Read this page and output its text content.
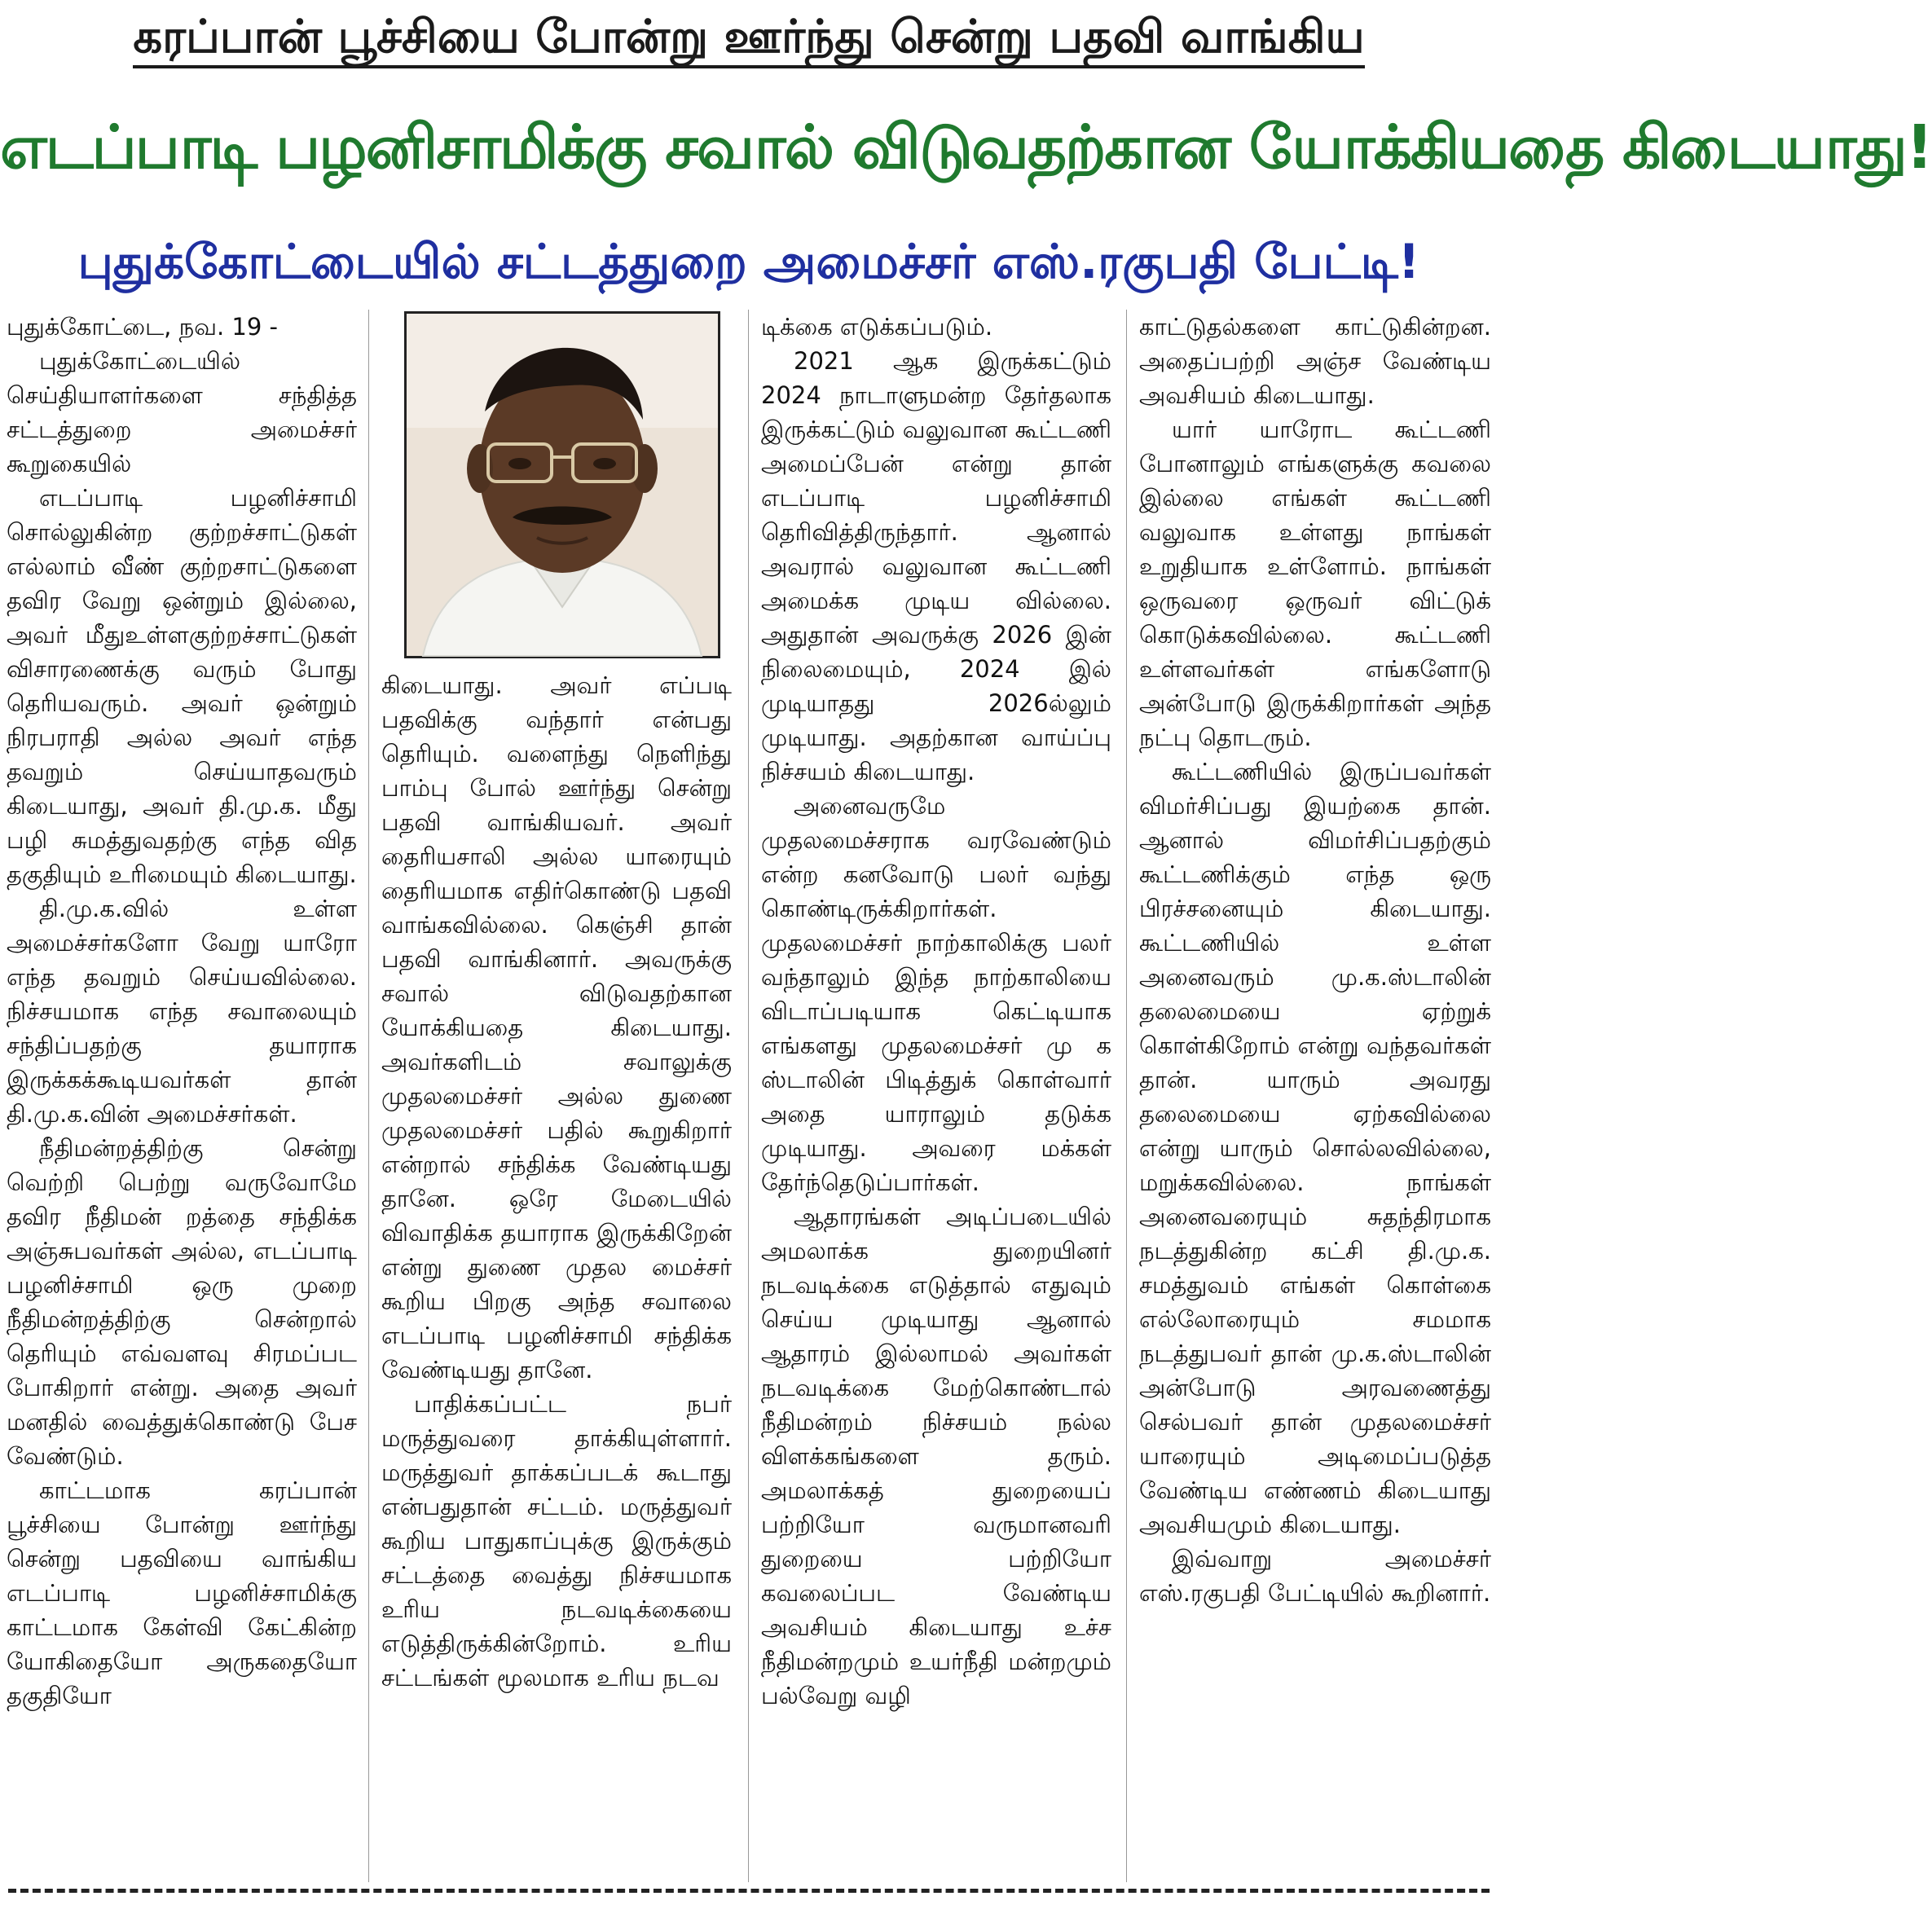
கரப்பான் பூச்சியை போன்று ஊர்ந்து சென்று பதவி வாங்கிய
எடப்பாடி பழனிசாமிக்கு சவால் விடுவதற்கான யோக்கியதை கிடையாது!
புதுக்கோட்டையில் சட்டத்துறை அமைச்சர் எஸ்.ரகுபதி பேட்டி!

புதுக்கோட்டை, நவ. 19 -

புதுக்கோட்டையில் செய்தியாளர்களை சந்தித்த சட்டத்துறை அமைச்சர் கூறுகையில்

எடப்பாடி பழனிச்சாமி சொல்லுகின்ற குற்றச்சாட்டுகள் எல்லாம் வீண் குற்றசாட்டுகளை தவிர வேறு ஒன்றும் இல்லை, அவர் மீதுஉள்ளகுற்றச்சாட்டுகள் விசாரணைக்கு வரும் போது தெரியவரும். அவர் ஒன்றும் நிரபராதி அல்ல அவர் எந்த தவறும் செய்யாதவரும் கிடையாது, அவர் தி.மு.க. மீது பழி சுமத்துவதற்கு எந்த வித தகுதியும் உரிமையும் கிடையாது.

தி.மு.க.வில் உள்ள அமைச்சர்களோ வேறு யாரோ எந்த தவறும் செய்யவில்லை. நிச்சயமாக எந்த சவாலையும் சந்திப்பதற்கு தயாராக இருக்கக்கூடியவர்கள் தான் தி.மு.க.வின் அமைச்சர்கள்.

நீதிமன்றத்திற்கு சென்று வெற்றி பெற்று வருவோமே தவிர நீதிமன் றத்தை சந்திக்க அஞ்சுபவர்கள் அல்ல, எடப்பாடி பழனிச்சாமி ஒரு முறை நீதிமன்றத்திற்கு சென்றால் தெரியும் எவ்வளவு சிரமப்பட போகிறார் என்று. அதை அவர் மனதில் வைத்துக்கொண்டு பேச வேண்டும்.

காட்டமாக கரப்பான் பூச்சியை போன்று ஊர்ந்து சென்று பதவியை வாங்கிய எடப்பாடி பழனிச்சாமிக்கு காட்டமாக கேள்வி கேட்கின்ற யோகிதையோ அருகதையோ தகுதியோ

கிடையாது. அவர் எப்படி பதவிக்கு வந்தார் என்பது தெரியும். வளைந்து நெளிந்து பாம்பு போல் ஊர்ந்து சென்று பதவி வாங்கியவர். அவர் தைரியசாலி அல்ல யாரையும் தைரியமாக எதிர்கொண்டு பதவி வாங்கவில்லை. கெஞ்சி தான் பதவி வாங்கினார். அவருக்கு சவால் விடுவதற்கான யோக்கியதை கிடையாது. அவர்களிடம் சவாலுக்கு முதலமைச்சர் அல்ல துணை முதலமைச்சர் பதில் கூறுகிறார் என்றால் சந்திக்க வேண்டியது தானே. ஒரே மேடையில் விவாதிக்க தயாராக இருக்கிறேன் என்று துணை முதல மைச்சர் கூறிய பிறகு அந்த சவாலை எடப்பாடி பழனிச்சாமி சந்திக்க வேண்டியது தானே.

பாதிக்கப்பட்ட நபர் மருத்துவரை தாக்கியுள்ளார். மருத்துவர் தாக்கப்படக் கூடாது என்பதுதான் சட்டம். மருத்துவர் கூறிய பாதுகாப்புக்கு இருக்கும் சட்டத்தை வைத்து நிச்சயமாக உரிய நடவடிக்கையை எடுத்திருக்கின்றோம். உரிய சட்டங்கள் மூலமாக உரிய நடவ

டிக்கை எடுக்கப்படும்.

2021 ஆக இருக்கட்டும் 2024 நாடாளுமன்ற தேர்தலாக இருக்கட்டும் வலுவான கூட்டணி அமைப்பேன் என்று தான் எடப்பாடி பழனிச்சாமி தெரிவித்திருந்தார். ஆனால் அவரால் வலுவான கூட்டணி அமைக்க முடிய வில்லை. அதுதான் அவருக்கு 2026 இன் நிலைமையும், 2024 இல் முடியாதது 2026ல்லும் முடியாது. அதற்கான வாய்ப்பு நிச்சயம் கிடையாது.

அனைவருமே முதலமைச்சராக வரவேண்டும் என்ற கனவோடு பலர் வந்து கொண்டிருக்கிறார்கள். முதலமைச்சர் நாற்காலிக்கு பலர் வந்தாலும் இந்த நாற்காலியை விடாப்படியாக கெட்டியாக எங்களது முதலமைச்சர் மு க ஸ்டாலின் பிடித்துக் கொள்வார் அதை யாராலும் தடுக்க முடியாது. அவரை மக்கள் தேர்ந்தெடுப்பார்கள்.

ஆதாரங்கள் அடிப்படையில் அமலாக்க துறையினர் நடவடிக்கை எடுத்தால் எதுவும் செய்ய முடியாது ஆனால் ஆதாரம் இல்லாமல் அவர்கள் நடவடிக்கை மேற்கொண்டால் நீதிமன்றம் நிச்சயம் நல்ல விளக்கங்களை தரும். அமலாக்கத் துறையைப் பற்றியோ வருமானவரி துறையை பற்றியோ கவலைப்பட வேண்டிய அவசியம் கிடையாது உச்ச நீதிமன்றமும் உயர்நீதி மன்றமும் பல்வேறு வழி

காட்டுதல்களை காட்டுகின்றன. அதைப்பற்றி அஞ்ச வேண்டிய அவசியம் கிடையாது.

யார் யாரோட கூட்டணி போனாலும் எங்களுக்கு கவலை இல்லை எங்கள் கூட்டணி வலுவாக உள்ளது நாங்கள் உறுதியாக உள்ளோம். நாங்கள் ஒருவரை ஒருவர் விட்டுக் கொடுக்கவில்லை. கூட்டணி உள்ளவர்கள் எங்களோடு அன்போடு இருக்கிறார்கள் அந்த நட்பு தொடரும்.

கூட்டணியில் இருப்பவர்கள் விமர்சிப்பது இயற்கை தான். ஆனால் விமர்சிப்பதற்கும் கூட்டணிக்கும் எந்த ஒரு பிரச்சனையும் கிடையாது. கூட்டணியில் உள்ள அனைவரும் மு.க.ஸ்டாலின் தலைமையை ஏற்றுக் கொள்கிறோம் என்று வந்தவர்கள் தான். யாரும் அவரது தலைமையை ஏற்கவில்லை என்று யாரும் சொல்லவில்லை, மறுக்கவில்லை. நாங்கள் அனைவரையும் சுதந்திரமாக நடத்துகின்ற கட்சி தி.மு.க. சமத்துவம் எங்கள் கொள்கை எல்லோரையும் சமமாக நடத்துபவர் தான் மு.க.ஸ்டாலின் அன்போடு அரவணைத்து செல்பவர் தான் முதலமைச்சர் யாரையும் அடிமைப்படுத்த வேண்டிய எண்ணம் கிடையாது அவசியமும் கிடையாது.

இவ்வாறு அமைச்சர் எஸ்.ரகுபதி பேட்டியில் கூறினார்.
